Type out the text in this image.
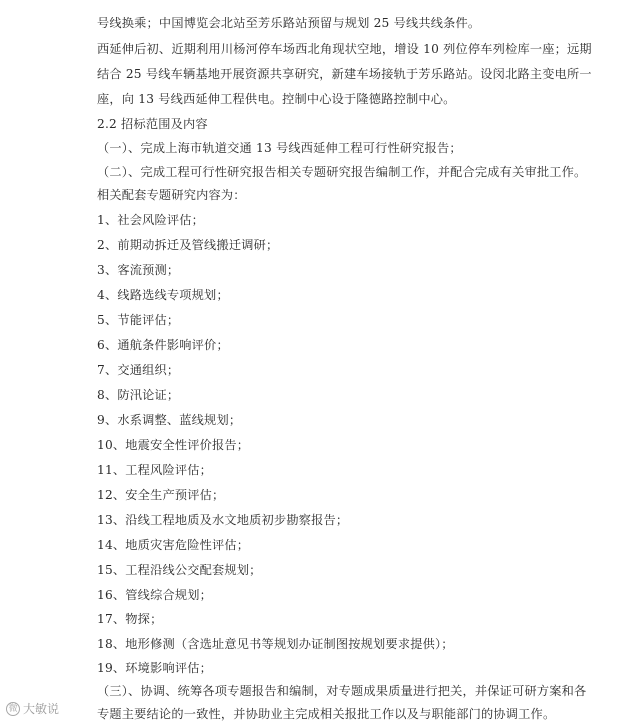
号线换乘；中国博览会北站至芳乐路站预留与规划 25 号线共线条件。
西延伸后初、近期利用川杨河停车场西北角现状空地，增设 10 列位停车列检库一座；远期
结合 25 号线车辆基地开展资源共享研究，新建车场接轨于芳乐路站。设闵北路主变电所一
座，向 13 号线西延伸工程供电。控制中心设于隆德路控制中心。
2.2 招标范围及内容
（一）、完成上海市轨道交通 13 号线西延伸工程可行性研究报告；
（二）、完成工程可行性研究报告相关专题研究报告编制工作，并配合完成有关审批工作。
相关配套专题研究内容为：
1、社会风险评估；
2、前期动拆迁及管线搬迁调研；
3、客流预测；
4、线路选线专项规划；
5、节能评估；
6、通航条件影响评价；
7、交通组织；
8、防汛论证；
9、水系调整、蓝线规划；
10、地震安全性评价报告；
11、工程风险评估；
12、安全生产预评估；
13、沿线工程地质及水文地质初步勘察报告；
14、地质灾害危险性评估；
15、工程沿线公交配套规划；
16、管线综合规划；
17、物探；
18、地形修测（含选址意见书等规划办证制图按规划要求提供）；
19、环境影响评估；
（三）、协调、统筹各项专题报告和编制，对专题成果质量进行把关，并保证可研方案和各
专题主要结论的一致性，并协助业主完成相关报批工作以及与职能部门的协调工作。
微 大敏说
